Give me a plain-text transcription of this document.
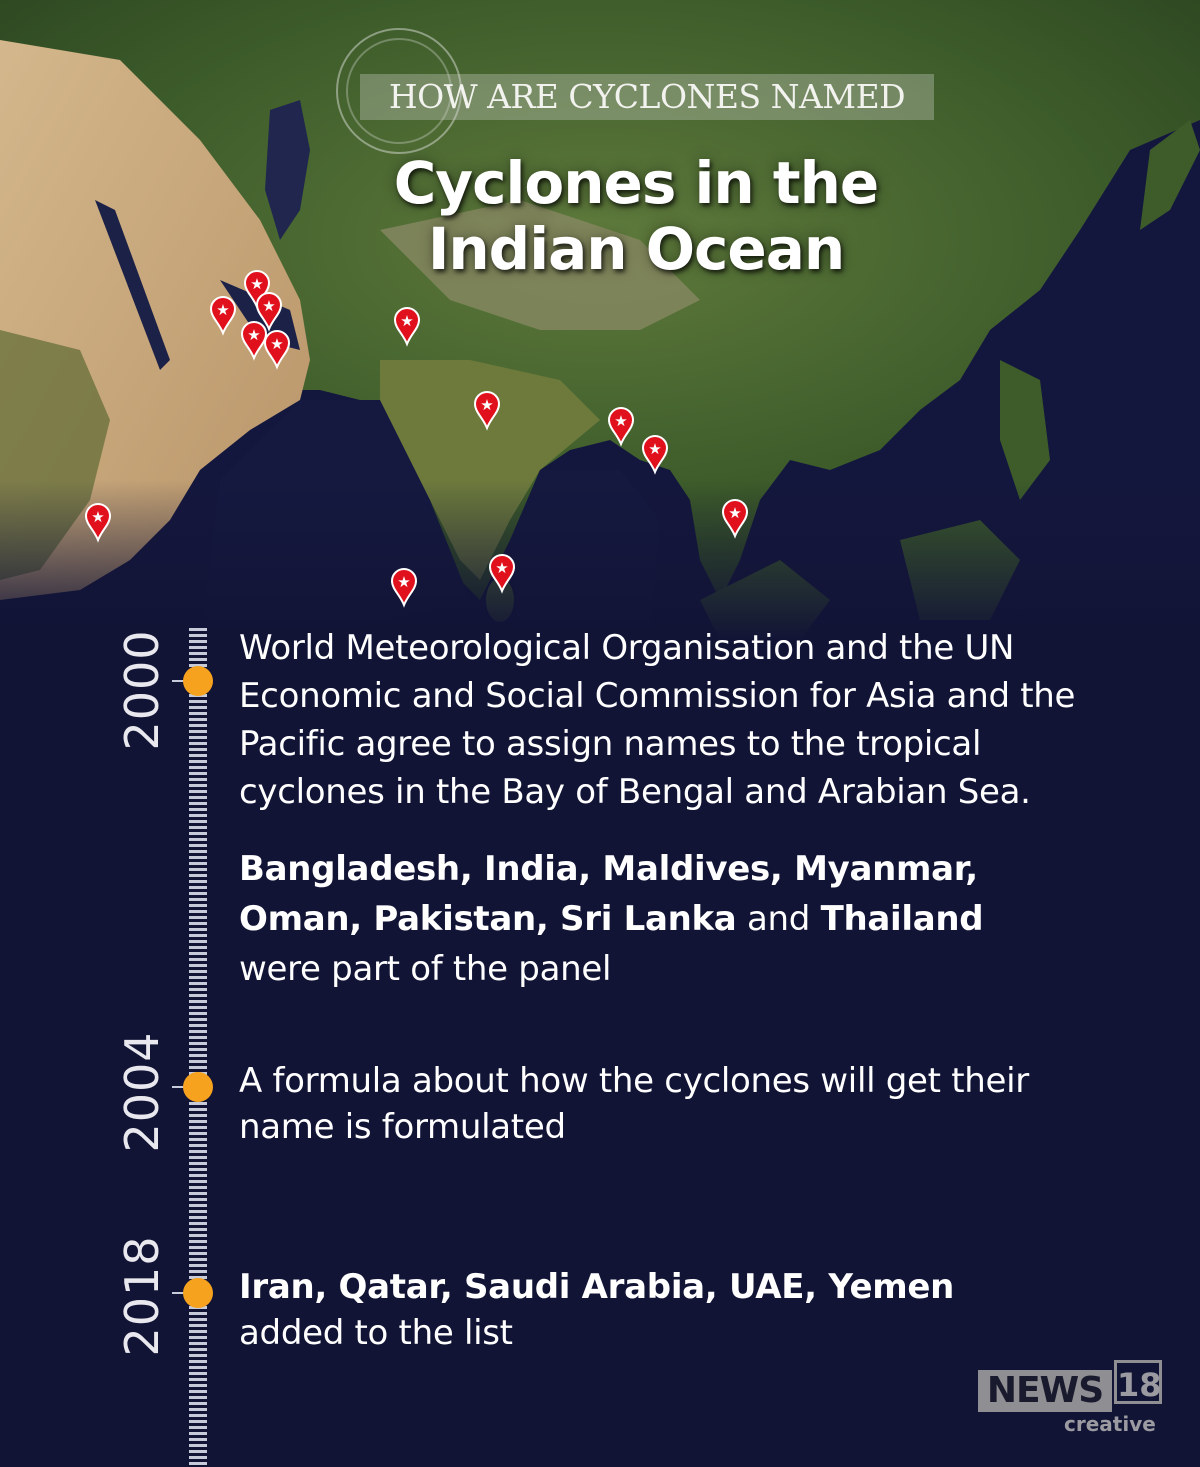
★
★ ★
★ ★
★
★
★
★
★
★
★
★
HOW ARE CYCLONES NAMED
Cyclones in the
Indian Ocean
2000
2004
2018
World Meteorological Organisation and the UN Economic and Social Commission for Asia and the Pacific agree to assign names to the tropical cyclones in the Bay of Bengal and Arabian Sea.
Bangladesh, India, Maldives, Myanmar, Oman, Pakistan, Sri Lanka and Thailand
were part of the panel
A formula about how the cyclones will get their name is formulated
Iran, Qatar, Saudi Arabia, UAE, Yemen
added to the list
NEWS 18
creative
